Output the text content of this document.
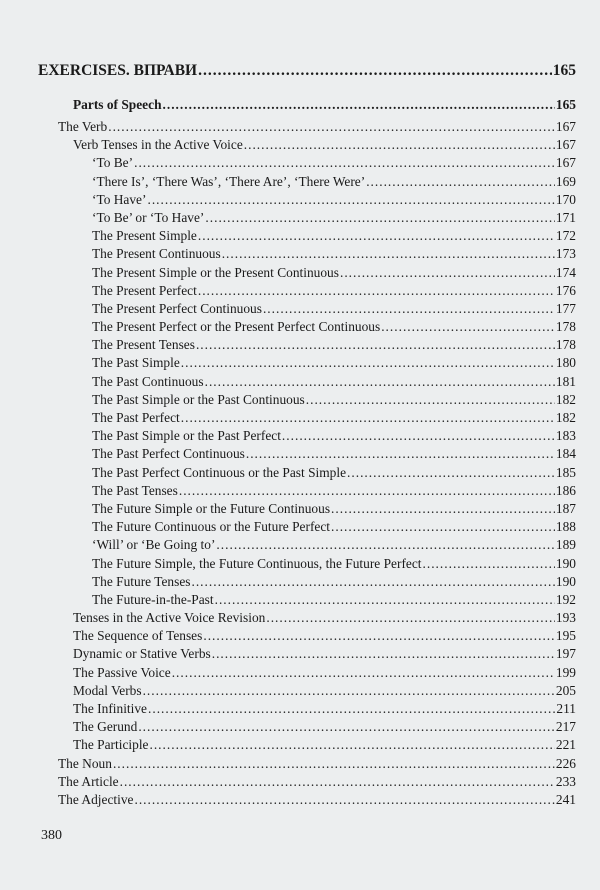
EXERCISES. ВПРАВИ .....	165
Parts of Speech .....	165
The Verb .....	167
Verb Tenses in the Active Voice .....	167
‘To Be’ .....	167
‘There Is’, ‘There Was’, ‘There Are’, ‘There Were’ .....	169
‘To Have’ .....	170
‘To Be’ or ‘To Have’ .....	171
The Present Simple .....	172
The Present Continuous .....	173
The Present Simple or the Present Continuous .....	174
The Present Perfect .....	176
The Present Perfect Continuous .....	177
The Present Perfect or the Present Perfect Continuous .....	178
The Present Tenses .....	178
The Past Simple .....	180
The Past Continuous .....	181
The Past Simple or the Past Continuous .....	182
The Past Perfect .....	182
The Past Simple or the Past Perfect .....	183
The Past Perfect Continuous .....	184
The Past Perfect Continuous or the Past Simple .....	185
The Past Tenses .....	186
The Future Simple or the Future Continuous .....	187
The Future Continuous or the Future Perfect .....	188
‘Will’ or ‘Be Going to’ .....	189
The Future Simple, the Future Continuous, the Future Perfect .....	190
The Future Tenses .....	190
The Future-in-the-Past .....	192
Tenses in the Active Voice Revision .....	193
The Sequence of Tenses .....	195
Dynamic or Stative Verbs .....	197
The Passive Voice .....	199
Modal Verbs .....	205
The Infinitive .....	211
The Gerund .....	217
The Participle .....	221
The Noun .....	226
The Article .....	233
The Adjective .....	241
380
